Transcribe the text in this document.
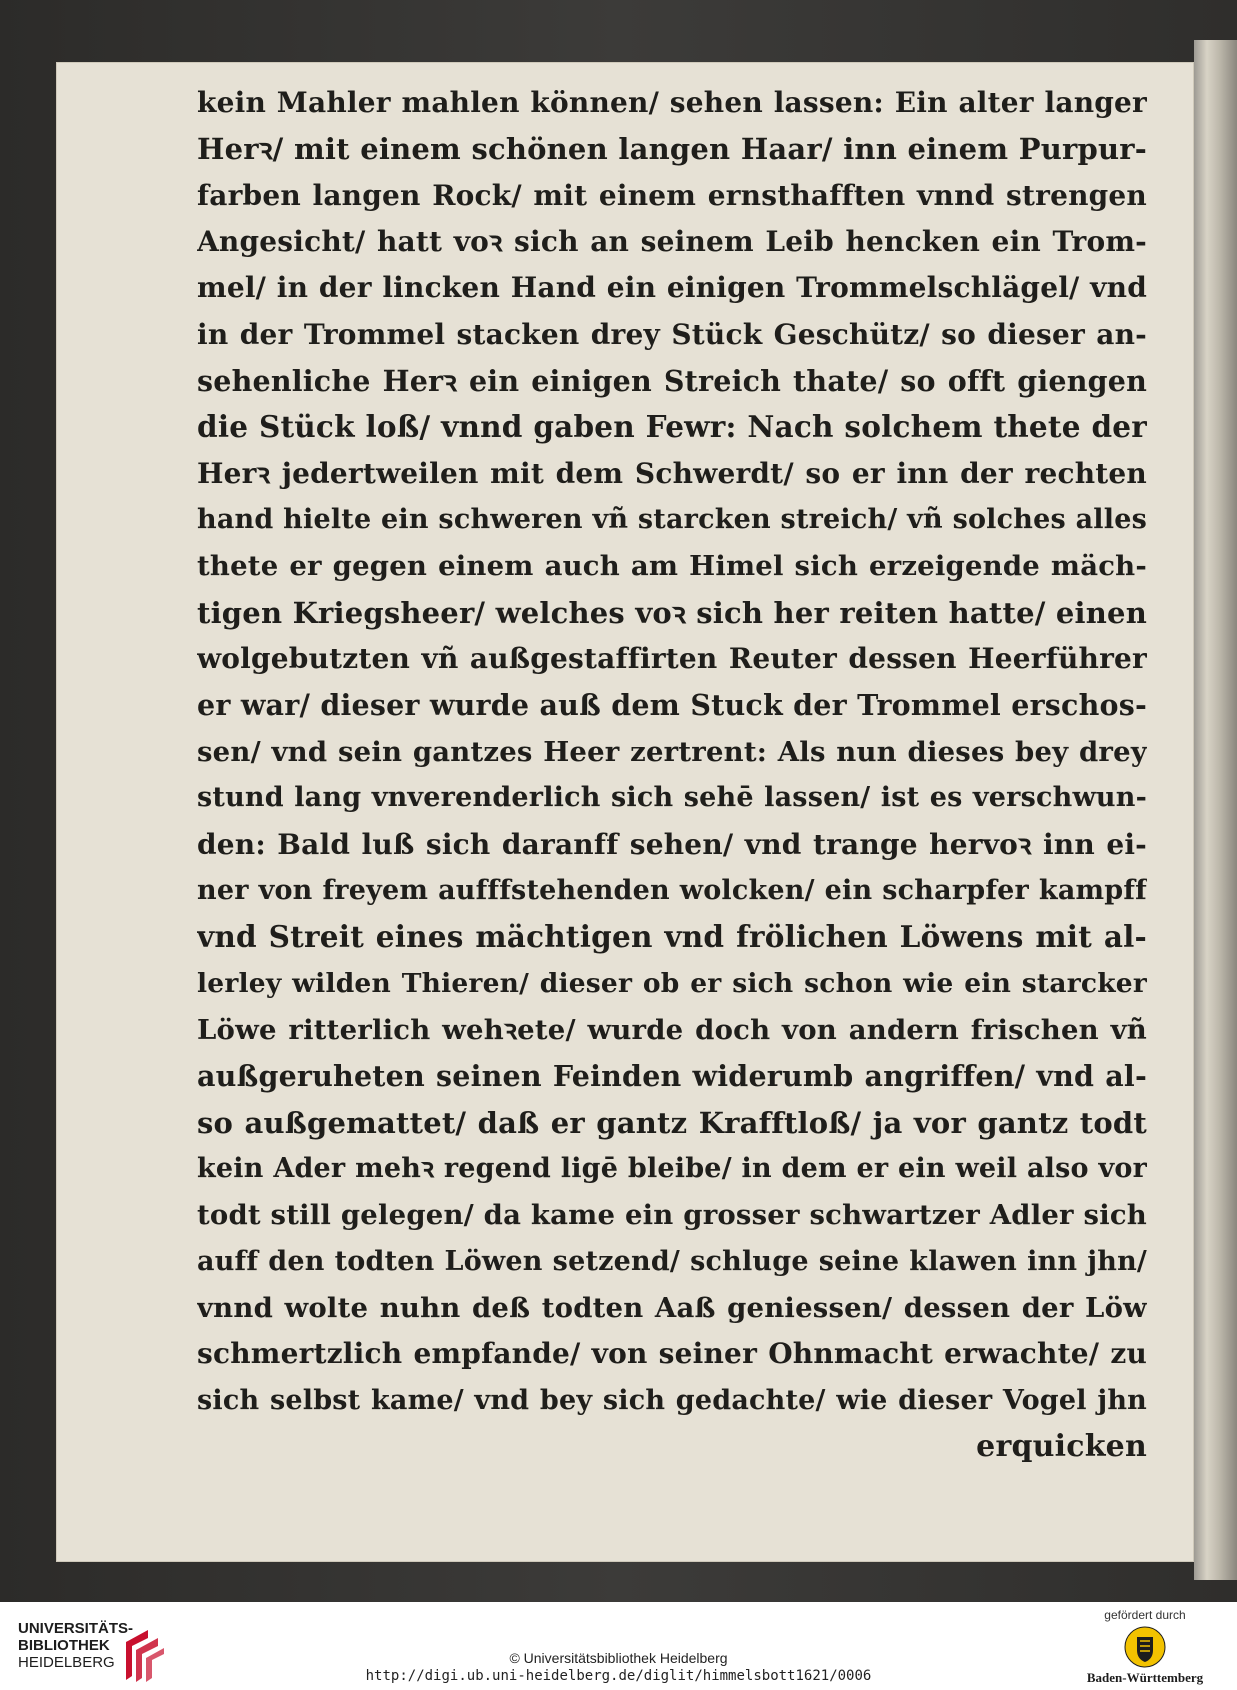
kein Mahler mahlen können/ sehen lassen: Ein alter langer
Herꝛ/ mit einem schönen langen Haar/ inn einem Purpur-
farben langen Rock/ mit einem ernsthafften vnnd strengen
Angesicht/ hatt voꝛ sich an seinem Leib hencken ein Trom-
mel/ in der lincken Hand ein einigen Trommelschlägel/ vnd
in der Trommel stacken drey Stück Geschütz/ so dieser an-
sehenliche Herꝛ ein einigen Streich thate/ so offt giengen
die Stück loß/ vnnd gaben Fewr: Nach solchem thete der
Herꝛ jedertweilen mit dem Schwerdt/ so er inn der rechten
hand hielte ein schweren vñ starcken streich/ vñ solches alles
thete er gegen einem auch am Himel sich erzeigende mäch-
tigen Kriegsheer/ welches voꝛ sich her reiten hatte/ einen
wolgebutzten vñ außgestaffirten Reuter dessen Heerführer
er war/ dieser wurde auß dem Stuck der Trommel erschos-
sen/ vnd sein gantzes Heer zertrent: Als nun dieses bey drey
stund lang vnverenderlich sich sehē lassen/ ist es verschwun-
den: Bald luß sich daranff sehen/ vnd trange hervoꝛ inn ei-
ner von freyem aufffstehenden wolcken/ ein scharpfer kampff
vnd Streit eines mächtigen vnd frölichen Löwens mit al-
lerley wilden Thieren/ dieser ob er sich schon wie ein starcker
Löwe ritterlich wehꝛete/ wurde doch von andern frischen vñ
außgeruheten seinen Feinden widerumb angriffen/ vnd al-
so außgemattet/ daß er gantz Krafftloß/ ja vor gantz todt
kein Ader mehꝛ regend ligē bleibe/ in dem er ein weil also vor
todt still gelegen/ da kame ein grosser schwartzer Adler sich
auff den todten Löwen setzend/ schluge seine klawen inn jhn/
vnnd wolte nuhn deß todten Aaß geniessen/ dessen der Löw
schmertzlich empfande/ von seiner Ohnmacht erwachte/ zu
sich selbst kame/ vnd bey sich gedachte/ wie dieser Vogel jhn
erquicken
UNIVERSITÄTS-
BIBLIOTHEK
HEIDELBERG	© Universitätsbibliothek Heidelberg
http://digi.ub.uni-heidelberg.de/diglit/himmelsbott1621/0006
gefördert durch
Baden-Württemberg
